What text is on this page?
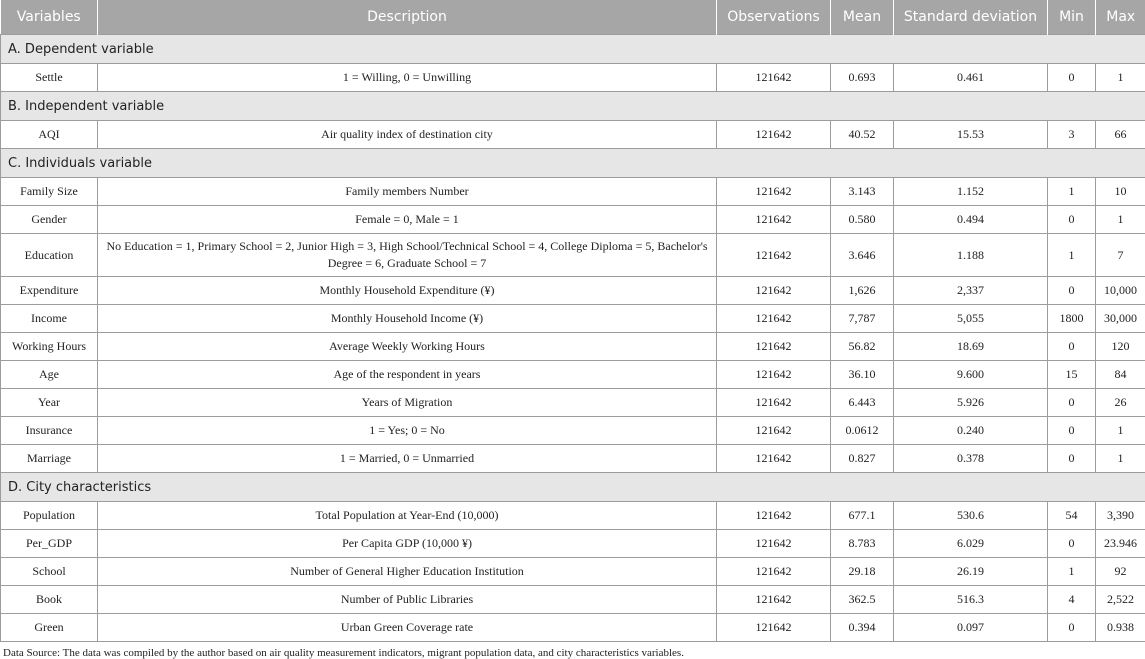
Variables	Description	Observations	Mean	Standard deviation	Min	Max
A. Dependent variable						
Settle	1 = Willing, 0 = Unwilling	121642	0.693	0.461	0	1
B. Independent variable						
AQI	Air quality index of destination city	121642	40.52	15.53	3	66
C. Individuals variable						
Family Size	Family members Number	121642	3.143	1.152	1	10
Gender	Female = 0, Male = 1	121642	0.580	0.494	0	1
Education	No Education = 1, Primary School = 2, Junior High = 3, High School/Technical School = 4, College Diploma = 5, Bachelor's Degree = 6, Graduate School = 7	121642	3.646	1.188	1	7
Expenditure	Monthly Household Expenditure (¥)	121642	1,626	2,337	0	10,000
Income	Monthly Household Income (¥)	121642	7,787	5,055	1800	30,000
Working Hours	Average Weekly Working Hours	121642	56.82	18.69	0	120
Age	Age of the respondent in years	121642	36.10	9.600	15	84
Year	Years of Migration	121642	6.443	5.926	0	26
Insurance	1 = Yes; 0 = No	121642	0.0612	0.240	0	1
Marriage	1 = Married, 0 = Unmarried	121642	0.827	0.378	0	1
D. City characteristics						
Population	Total Population at Year-End (10,000)	121642	677.1	530.6	54	3,390
Per_GDP	Per Capita GDP (10,000 ¥)	121642	8.783	6.029	0	23.946
School	Number of General Higher Education Institution	121642	29.18	26.19	1	92
Book	Number of Public Libraries	121642	362.5	516.3	4	2,522
Green	Urban Green Coverage rate	121642	0.394	0.097	0	0.938
Data Source: The data was compiled by the author based on air quality measurement indicators, migrant population data, and city characteristics variables.
